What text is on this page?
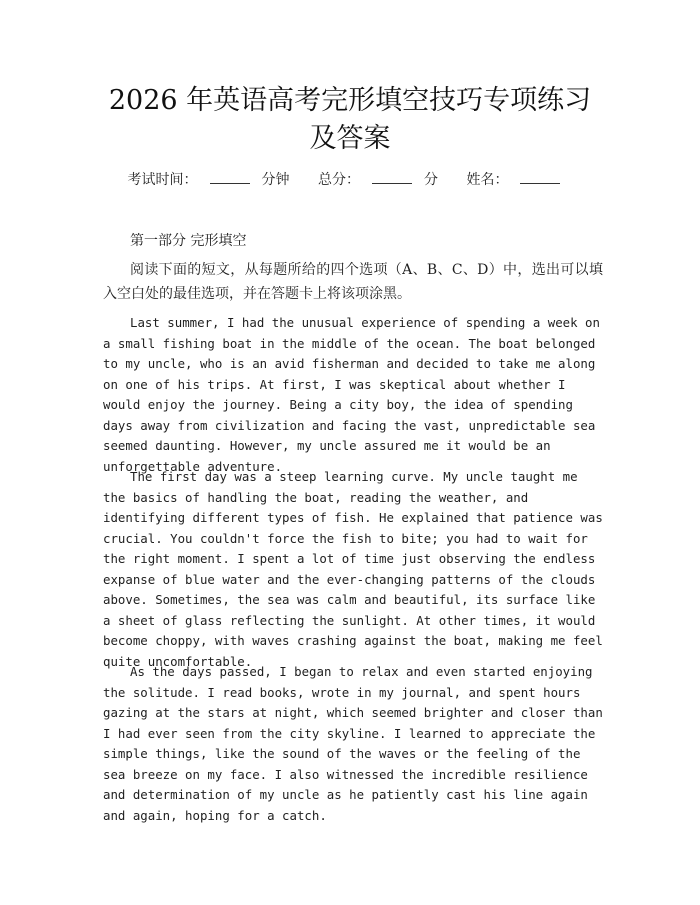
2026 年英语高考完形填空技巧专项练习及答案
考试时间：	分钟 总分：	分 姓名：
第一部分 完形填空
阅读下面的短文，从每题所给的四个选项（A、B、C、D）中，选出可以填入空白处的最佳选项，并在答题卡上将该项涂黑。
Last summer, I had the unusual experience of spending a week on a small fishing boat in the middle of the ocean. The boat belonged to my uncle, who is an avid fisherman and decided to take me along on one of his trips. At first, I was skeptical about whether I would enjoy the journey. Being a city boy, the idea of spending days away from civilization and facing the vast, unpredictable sea seemed daunting. However, my uncle assured me it would be an unforgettable adventure.
The first day was a steep learning curve. My uncle taught me the basics of handling the boat, reading the weather, and identifying different types of fish. He explained that patience was crucial. You couldn't force the fish to bite; you had to wait for the right moment. I spent a lot of time just observing the endless expanse of blue water and the ever-changing patterns of the clouds above. Sometimes, the sea was calm and beautiful, its surface like a sheet of glass reflecting the sunlight. At other times, it would become choppy, with waves crashing against the boat, making me feel quite uncomfortable.
As the days passed, I began to relax and even started enjoying the solitude. I read books, wrote in my journal, and spent hours gazing at the stars at night, which seemed brighter and closer than I had ever seen from the city skyline. I learned to appreciate the simple things, like the sound of the waves or the feeling of the sea breeze on my face. I also witnessed the incredible resilience and determination of my uncle as he patiently cast his line again and again, hoping for a catch.
